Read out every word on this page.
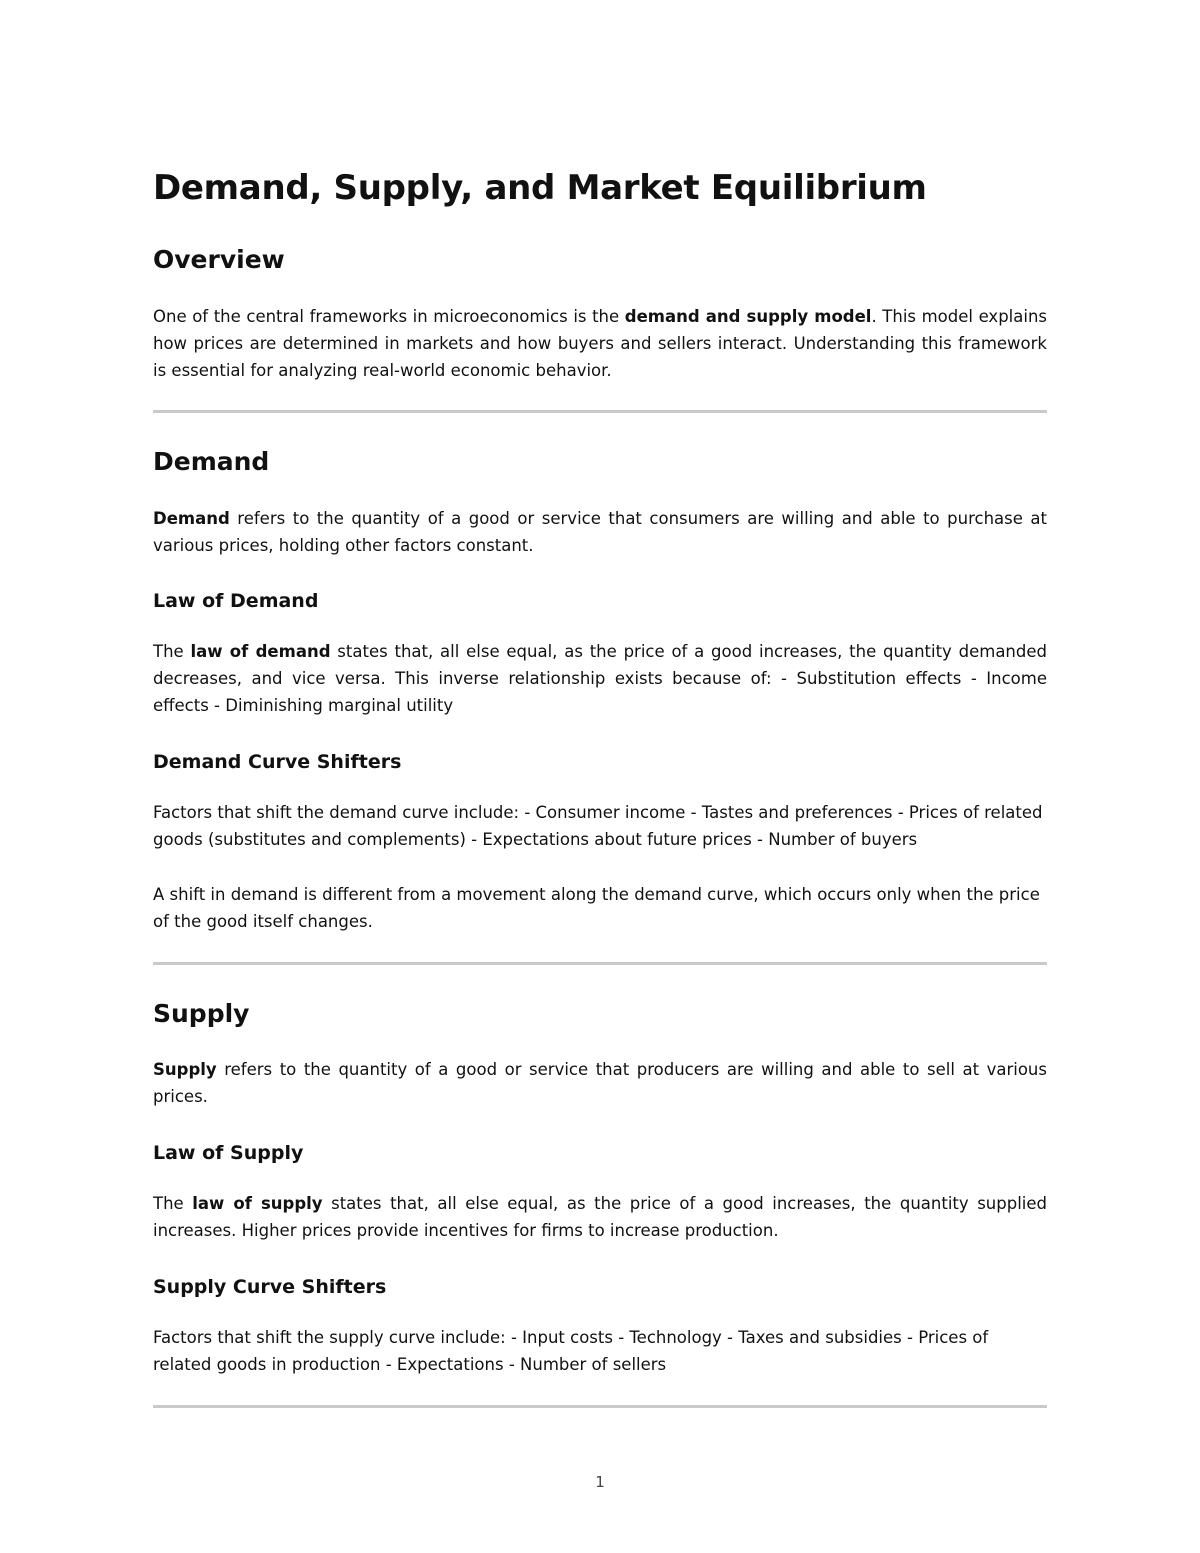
Demand, Supply, and Market Equilibrium
Overview

One of the central frameworks in microeconomics is the demand and supply model. This model explains how prices are determined in markets and how buyers and sellers interact. Understanding this framework is essential for analyzing real-world economic behavior.

Demand

Demand refers to the quantity of a good or service that consumers are willing and able to purchase at various prices, holding other factors constant.

Law of Demand

The law of demand states that, all else equal, as the price of a good increases, the quantity demanded decreases, and vice versa. This inverse relationship exists because of: - Substitution effects - Income effects - Diminishing marginal utility

Demand Curve Shifters

Factors that shift the demand curve include: - Consumer income - Tastes and preferences - Prices of related goods (substitutes and complements) - Expectations about future prices - Number of buyers

A shift in demand is different from a movement along the demand curve, which occurs only when the price of the good itself changes.

Supply

Supply refers to the quantity of a good or service that producers are willing and able to sell at various prices.

Law of Supply

The law of supply states that, all else equal, as the price of a good increases, the quantity supplied increases. Higher prices provide incentives for firms to increase production.

Supply Curve Shifters

Factors that shift the supply curve include: - Input costs - Technology - Taxes and subsidies - Prices of related goods in production - Expectations - Number of sellers

1
